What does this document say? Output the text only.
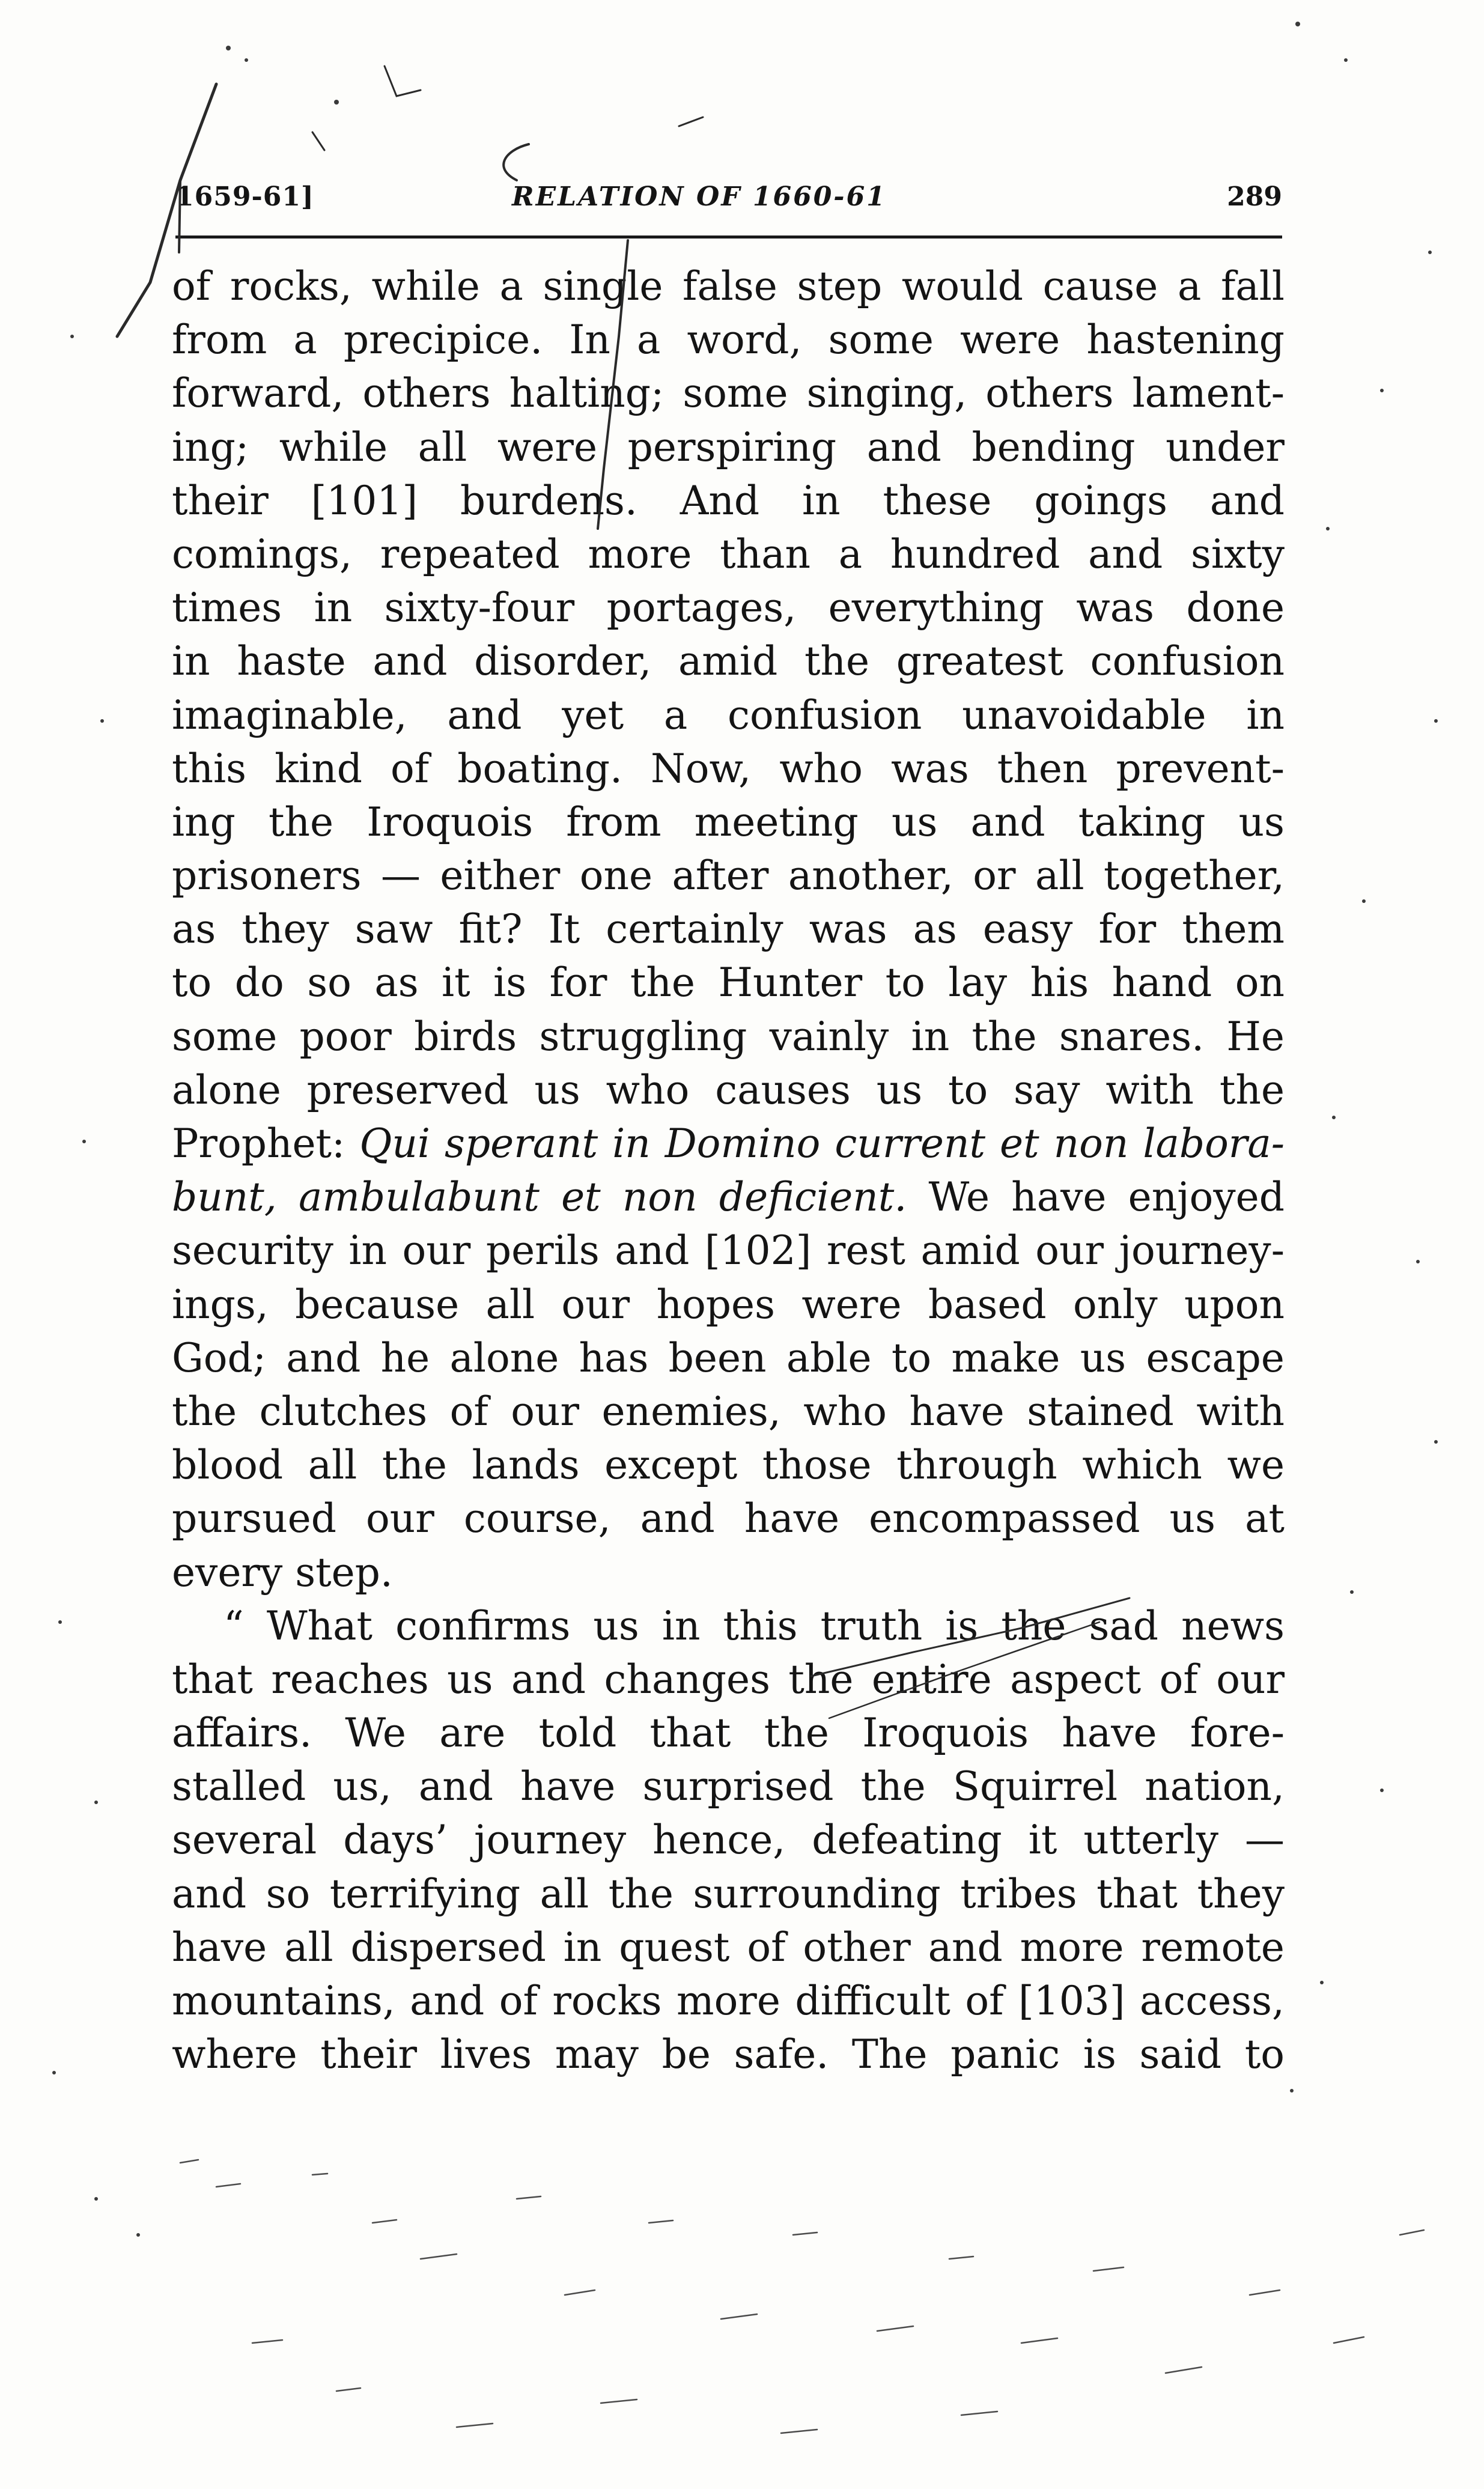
1659-61]	RELATION OF 1660-61	289
of rocks, while a single false step would cause a fall
from a precipice. In a word, some were hastening
forward, others halting; some singing, others lament-
ing; while all were perspiring and bending under
their [101] burdens. And in these goings and
comings, repeated more than a hundred and sixty
times in sixty-four portages, everything was done
in haste and disorder, amid the greatest confusion
imaginable, and yet a confusion unavoidable in
this kind of boating. Now, who was then prevent-
ing the Iroquois from meeting us and taking us
prisoners — either one after another, or all together,
as they saw fit? It certainly was as easy for them
to do so as it is for the Hunter to lay his hand on
some poor birds struggling vainly in the snares. He
alone preserved us who causes us to say with the
Prophet: Qui sperant in Domino current et non labora-
bunt, ambulabunt et non deficient. We have enjoyed
security in our perils and [102] rest amid our journey-
ings, because all our hopes were based only upon
God; and he alone has been able to make us escape
the clutches of our enemies, who have stained with
blood all the lands except those through which we
pursued our course, and have encompassed us at
every step.
“ What confirms us in this truth is the sad news
that reaches us and changes the entire aspect of our
affairs. We are told that the Iroquois have fore-
stalled us, and have surprised the Squirrel nation,
several days’ journey hence, defeating it utterly —
and so terrifying all the surrounding tribes that they
have all dispersed in quest of other and more remote
mountains, and of rocks more difficult of [103] access,
where their lives may be safe. The panic is said to
